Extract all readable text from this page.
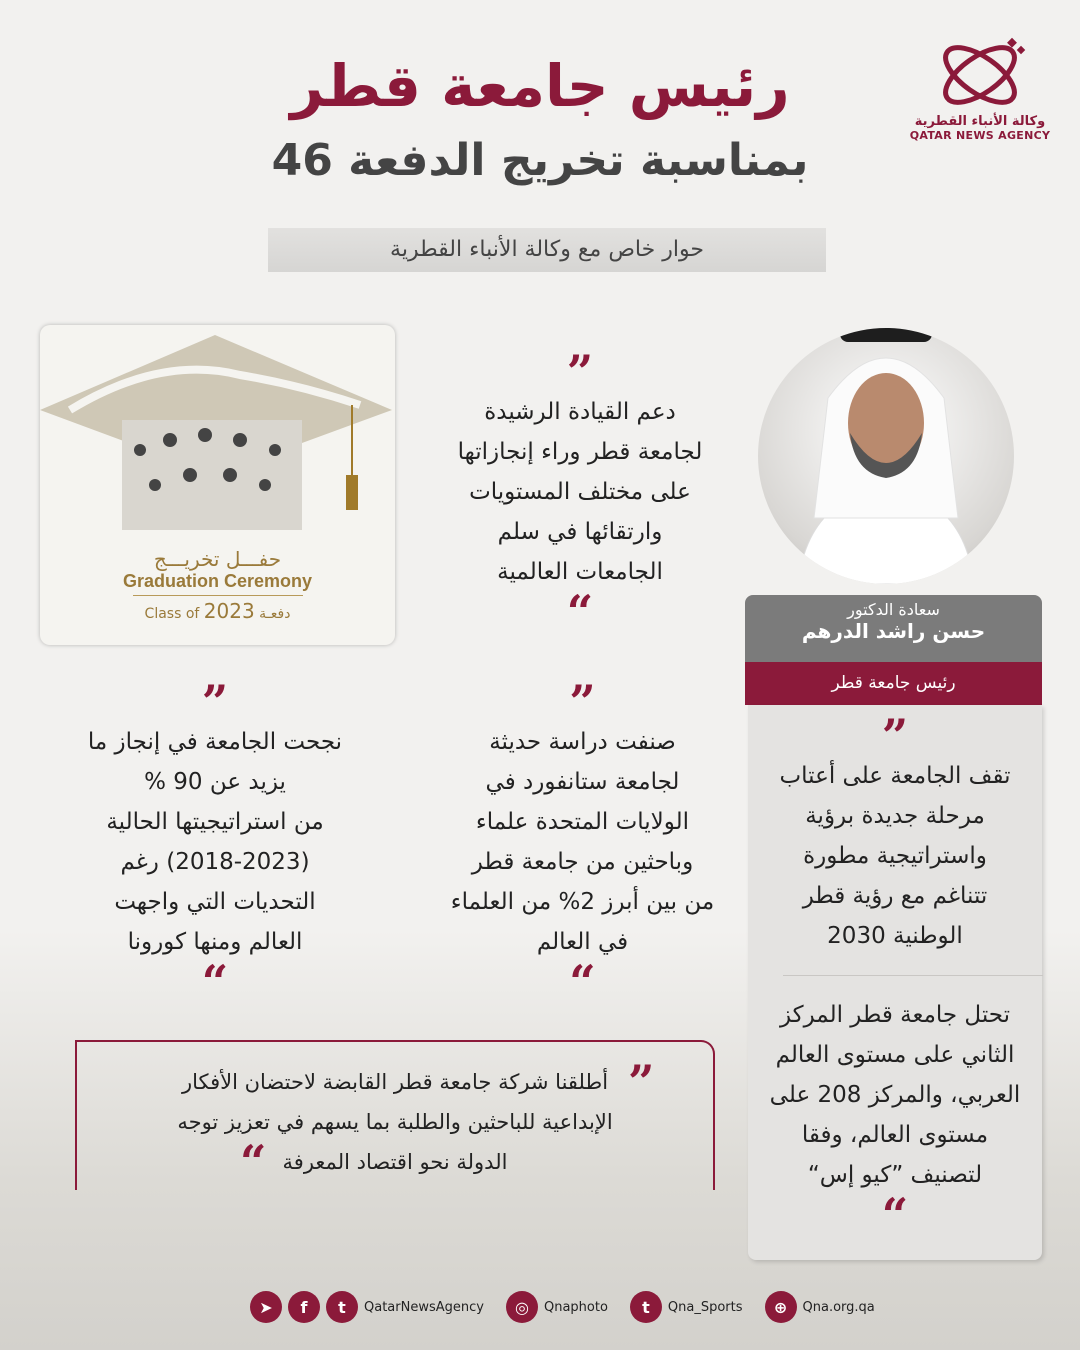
رئيس جامعة قطر
بمناسبة تخريج الدفعة 46
حوار خاص مع وكالة الأنباء القطرية
وكالة الأنباء القطرية
QATAR NEWS AGENCY
سعادة الدكتور
حسن راشد الدرهم
رئيس جامعة قطر
حفـــل تخريـــج
Graduation Ceremony
Class of 2023 دفعـة
”
دعم القيادة الرشيدة
لجامعة قطر وراء إنجازاتها
على مختلف المستويات
وارتقائها في سلم
الجامعات العالمية
“
”
صنفت دراسة حديثة
لجامعة ستانفورد في
الولايات المتحدة علماء
وباحثين من جامعة قطر
من بين أبرز 2% من العلماء
في العالم
“
”
نجحت الجامعة في إنجاز ما
يزيد عن 90 %
من استراتيجيتها الحالية
(2018-2023) رغم
التحديات التي واجهت
العالم ومنها كورونا
“
”
تقف الجامعة على أعتاب
مرحلة جديدة برؤية
واستراتيجية مطورة
تتناغم مع رؤية قطر
الوطنية 2030
تحتل جامعة قطر المركز
الثاني على مستوى العالم
العربي، والمركز 208 على
مستوى العالم، وفقا
لتصنيف ”كيو إس“
“
أطلقنا شركة جامعة قطر القابضة لاحتضان الأفكار
الإبداعية للباحثين والطلبة بما يسهم في تعزيز توجه
الدولة نحو اقتصاد المعرفة
”
“
➤	f	t	QatarNewsAgency	◎	Qnaphoto	t	Qna_Sports	⊕	Qna.org.qa
